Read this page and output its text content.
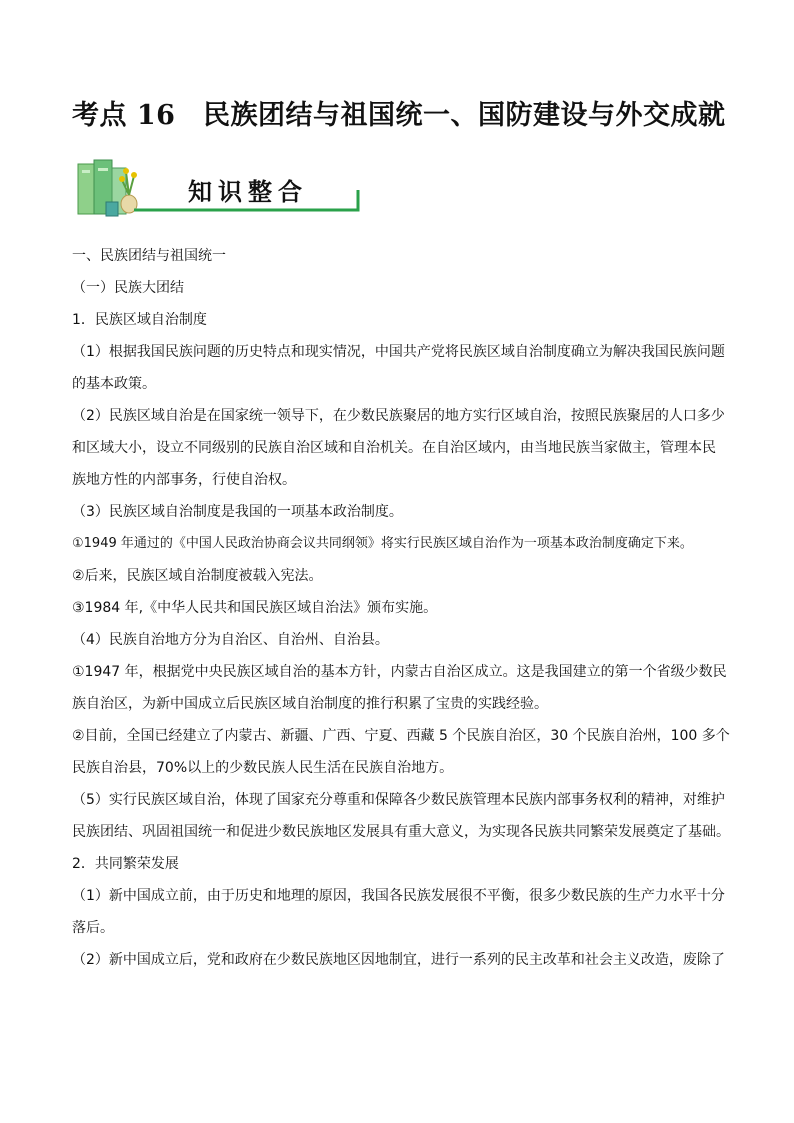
考点 16　民族团结与祖国统一、国防建设与外交成就
知识整合
一、民族团结与祖国统一
（一）民族大团结
1．民族区域自治制度
（1）根据我国民族问题的历史特点和现实情况，中国共产党将民族区域自治制度确立为解决我国民族问题
的基本政策。
（2）民族区域自治是在国家统一领导下，在少数民族聚居的地方实行区域自治，按照民族聚居的人口多少
和区域大小，设立不同级别的民族自治区域和自治机关。在自治区域内，由当地民族当家做主，管理本民
族地方性的内部事务，行使自治权。
（3）民族区域自治制度是我国的一项基本政治制度。
①1949 年通过的《中国人民政治协商会议共同纲领》将实行民族区域自治作为一项基本政治制度确定下来。
②后来，民族区域自治制度被载入宪法。
③1984 年,《中华人民共和国民族区域自治法》颁布实施。
（4）民族自治地方分为自治区、自治州、自治县。
①1947 年，根据党中央民族区域自治的基本方针，内蒙古自治区成立。这是我国建立的第一个省级少数民
族自治区，为新中国成立后民族区域自治制度的推行积累了宝贵的实践经验。
②目前，全国已经建立了内蒙古、新疆、广西、宁夏、西藏 5 个民族自治区，30 个民族自治州，100 多个
民族自治县，70%以上的少数民族人民生活在民族自治地方。
（5）实行民族区域自治，体现了国家充分尊重和保障各少数民族管理本民族内部事务权利的精神，对维护
民族团结、巩固祖国统一和促进少数民族地区发展具有重大意义，为实现各民族共同繁荣发展奠定了基础。
2．共同繁荣发展
（1）新中国成立前，由于历史和地理的原因，我国各民族发展很不平衡，很多少数民族的生产力水平十分
落后。
（2）新中国成立后，党和政府在少数民族地区因地制宜，进行一系列的民主改革和社会主义改造，废除了
